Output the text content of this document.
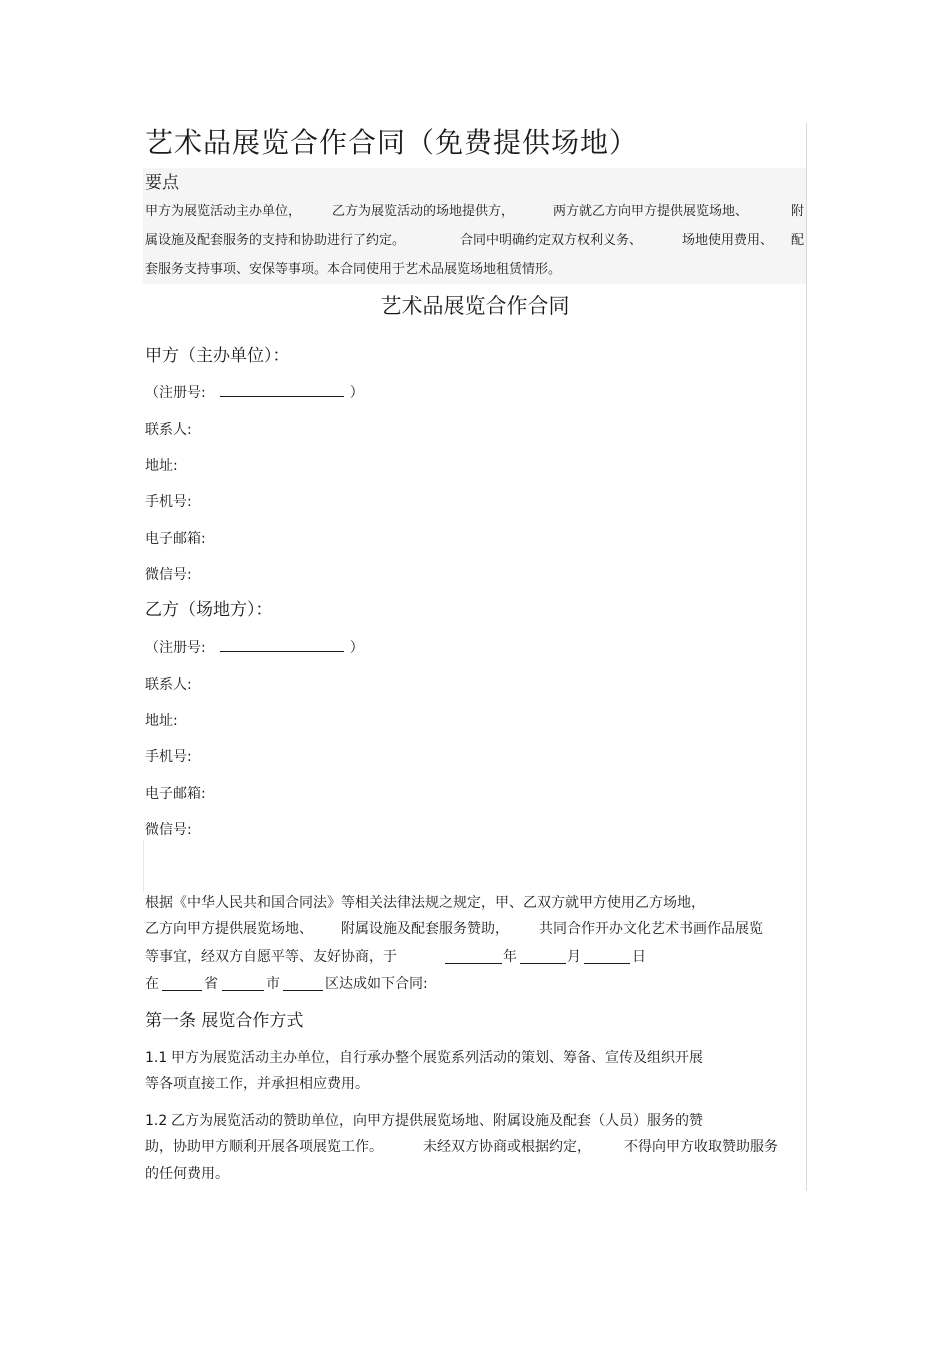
艺术品展览合作合同（免费提供场地）
要点
甲方为展览活动主办单位， 乙方为展览活动的场地提供方，	两方就乙方向甲方提供展览场地、	附
属设施及配套服务的支持和协助进行了约定。	合同中明确约定双方权利义务、	场地使用费用、 配
套服务支持事项、安保等事项。本合同使用于艺术品展览场地租赁情形。
艺术品展览合作合同
甲方（主办单位）：
（注册号:	）
联系人:
地址:
手机号:
电子邮箱:
微信号:
乙方（场地方）：
（注册号:	）
联系人:
地址:
手机号:
电子邮箱:
微信号:
根据《中华人民共和国合同法》等相关法律法规之规定，甲、乙双方就甲方使用乙方场地，
乙方向甲方提供展览场地、 附属设施及配套服务赞助， 共同合作开办文化艺术书画作品展览
等事宜，经双方自愿平等、友好协商，于	年	月	日
在	省	市	区达成如下合同:
第一条 展览合作方式
1.1 甲方为展览活动主办单位，自行承办整个展览系列活动的策划、筹备、宣传及组织开展
等各项直接工作，并承担相应费用。
1.2 乙方为展览活动的赞助单位，向甲方提供展览场地、附属设施及配套（人员）服务的赞
助，协助甲方顺利开展各项展览工作。	未经双方协商或根据约定， 不得向甲方收取赞助服务
的任何费用。
